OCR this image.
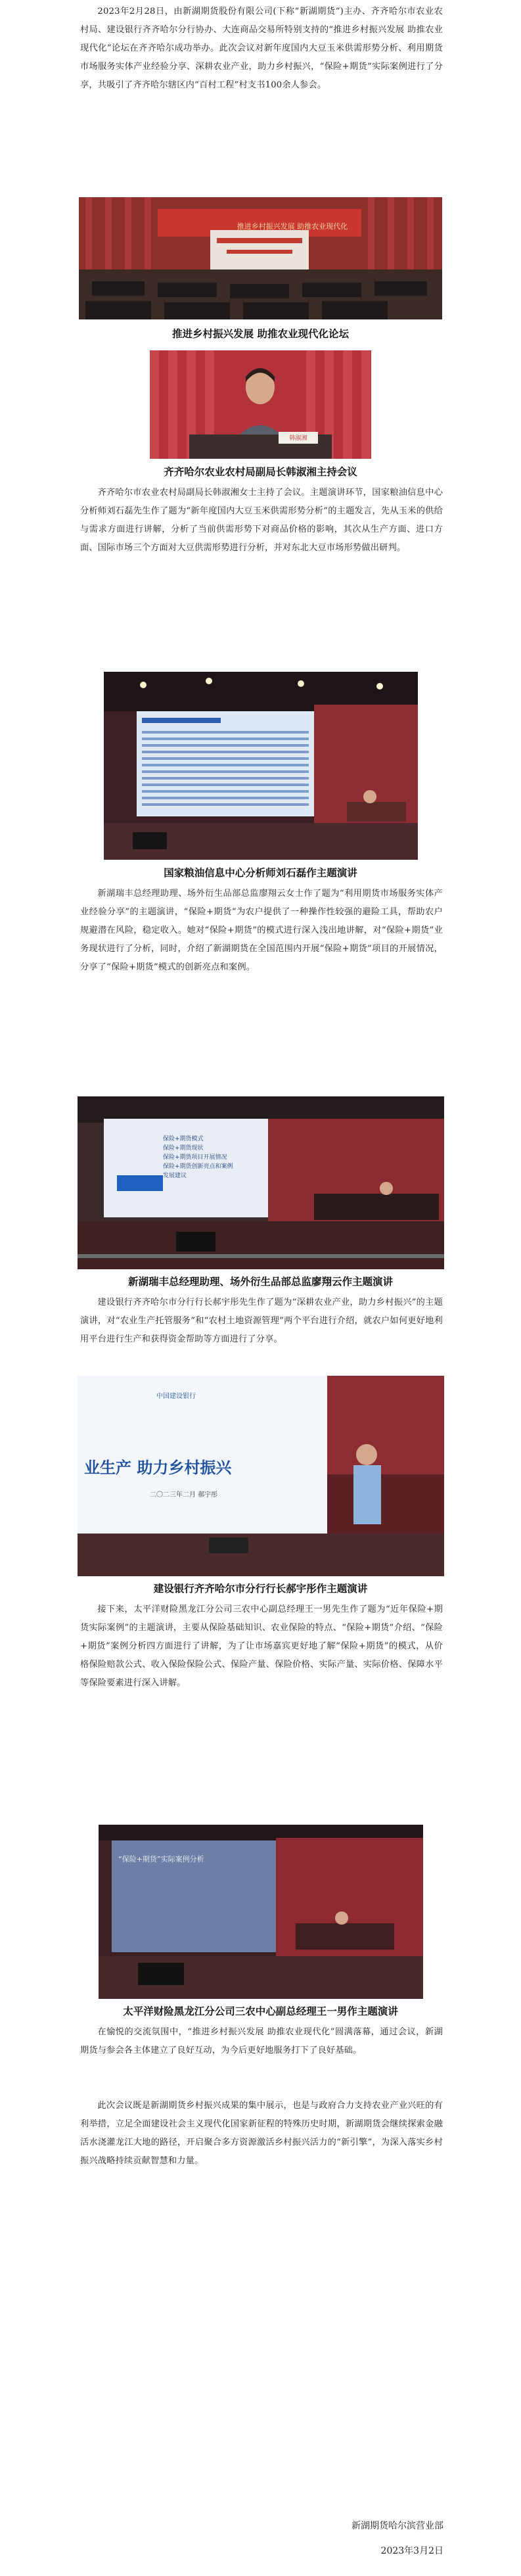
2023年2月28日，由新湖期货股份有限公司(下称“新湖期货”)主办、齐齐哈尔市农业农村局、建设银行齐齐哈尔分行协办、大连商品交易所特别支持的“推进乡村振兴发展 助推农业现代化”论坛在齐齐哈尔成功举办。此次会议对新年度国内大豆玉米供需形势分析、利用期货市场服务实体产业经验分享、深耕农业产业，助力乡村振兴，“保险+期货”实际案例进行了分享，共吸引了齐齐哈尔辖区内“百村工程”村支书100余人参会。

推进乡村振兴发展 助推农业现代化
推进乡村振兴发展 助推农业现代化论坛
韩淑湘
齐齐哈尔农业农村局副局长韩淑湘主持会议

齐齐哈尔市农业农村局副局长韩淑湘女士主持了会议。主题演讲环节，国家粮油信息中心分析师刘石磊先生作了题为“新年度国内大豆玉米供需形势分析”的主题发言，先从玉米的供给与需求方面进行讲解，分析了当前供需形势下对商品价格的影响，其次从生产方面、进口方面、国际市场三个方面对大豆供需形势进行分析，并对东北大豆市场形势做出研判。

国家粮油信息中心分析师刘石磊作主题演讲

新湖瑞丰总经理助理、场外衍生品部总监廖翔云女士作了题为“利用期货市场服务实体产业经验分享”的主题演讲，“保险+期货”为农户提供了一种操作性较强的避险工具，帮助农户规避潜在风险，稳定收入。她对“保险+期货”的模式进行深入浅出地讲解，对“保险+期货”业务现状进行了分析，同时，介绍了新湖期货在全国范围内开展“保险+期货”项目的开展情况，分享了“保险+期货”模式的创新亮点和案例。

保险+期货模式
保险+期货现状
保险+期货项目开展情况
保险+期货创新亮点和案例
发展建议
新湖瑞丰总经理助理、场外衍生品部总监廖翔云作主题演讲

建设银行齐齐哈尔市分行行长郝宇彤先生作了题为“深耕农业产业，助力乡村振兴”的主题演讲，对“农业生产托管服务”和“农村土地资源管理”两个平台进行介绍，就农户如何更好地利用平台进行生产和获得资金帮助等方面进行了分享。

中国建设银行
业生产 助力乡村振兴
二〇二三年二月 郝宇彤
建设银行齐齐哈尔市分行行长郝宇彤作主题演讲

接下来，太平洋财险黑龙江分公司三农中心副总经理王一男先生作了题为“近年保险+期货实际案例”的主题演讲，主要从保险基础知识、农业保险的特点、“保险+期货”介绍、“保险+期货”案例分析四方面进行了讲解，为了让市场嘉宾更好地了解“保险+期货”的模式，从价格保险赔款公式、收入保险保险公式、保险产量、保险价格、实际产量、实际价格、保障水平等保险要素进行深入讲解。

“保险+期货”实际案例分析
太平洋财险黑龙江分公司三农中心副总经理王一男作主题演讲

在愉悦的交流氛围中，“推进乡村振兴发展 助推农业现代化”圆满落幕，通过会议，新湖期货与参会各主体建立了良好互动，为今后更好地服务打下了良好基础。

此次会议既是新湖期货乡村振兴成果的集中展示，也是与政府合力支持农业产业兴旺的有利举措，立足全面建设社会主义现代化国家新征程的特殊历史时期，新湖期货会继续探索金融活水浇灌龙江大地的路径，开启聚合多方资源激活乡村振兴活力的“新引擎”，为深入落实乡村振兴战略持续贡献智慧和力量。

新湖期货哈尔滨营业部
2023年3月2日
